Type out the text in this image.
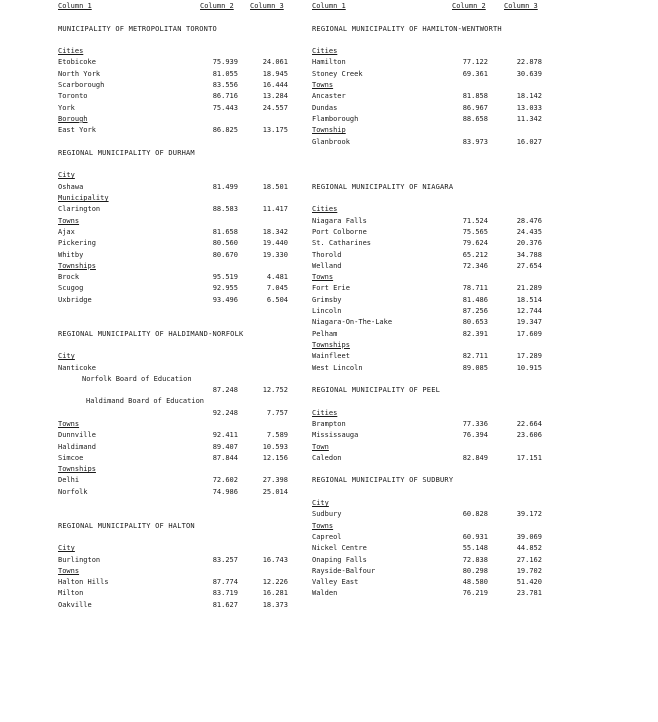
Column 1	Column 2 Column 3
MUNICIPALITY OF METROPOLITAN TORONTO
Cities
Etobicoke	75.939	24.061
North York	81.055	18.945
Scarborough	83.556	16.444
Toronto	86.716	13.284
York	75.443	24.557
Borough
East York	86.825	13.175
REGIONAL MUNICIPALITY OF DURHAM
City
Oshawa	81.499	18.501
Municipality
Clarington	88.583	11.417
Towns
Ajax	81.658	18.342
Pickering	80.560	19.440
Whitby	80.670	19.330
Townships
Brock	95.519	4.481
Scugog	92.955	7.045
Uxbridge	93.496	6.504
REGIONAL MUNICIPALITY OF HALDIMAND-NORFOLK
City
Nanticoke
Norfolk Board of Education
87.248	12.752
Haldimand Board of Education
92.248	7.757
Towns
Dunnville	92.411	7.589
Haldimand	89.407	10.593
Simcoe	87.844	12.156
Townships
Delhi	72.602	27.398
Norfolk	74.986	25.014
REGIONAL MUNICIPALITY OF HALTON
City
Burlington	83.257	16.743
Towns
Halton Hills	87.774	12.226
Milton	83.719	16.281
Oakville	81.627	18.373
Column 1	Column 2	Column 3
REGIONAL MUNICIPALITY OF HAMILTON-WENTWORTH
Cities
Hamilton	77.122	22.878
Stoney Creek	69.361	30.639
Towns
Ancaster	81.858	18.142
Dundas	86.967	13.033
Flamborough	88.658	11.342
Township
Glanbrook	83.973	16.027
REGIONAL MUNICIPALITY OF NIAGARA
Cities
Niagara Falls	71.524	28.476
Port Colborne	75.565	24.435
St. Catharines	79.624	20.376
Thorold	65.212	34.788
Welland	72.346	27.654
Towns
Fort Erie	78.711	21.289
Grimsby	81.486	18.514
Lincoln	87.256	12.744
Niagara-On-The-Lake	80.653	19.347
Pelham	82.391	17.609
Townships
Wainfleet	82.711	17.289
West Lincoln	89.085	10.915
REGIONAL MUNICIPALITY OF PEEL
Cities
Brampton	77.336	22.664
Mississauga	76.394	23.606
Town
Caledon	82.849	17.151
REGIONAL MUNICIPALITY OF SUDBURY
City
Sudbury	60.828	39.172
Towns
Capreol	60.931	39.069
Nickel Centre	55.148	44.852
Onaping Falls	72.838	27.162
Rayside-Balfour	80.298	19.702
Valley East	48.580	51.420
Walden	76.219	23.781
